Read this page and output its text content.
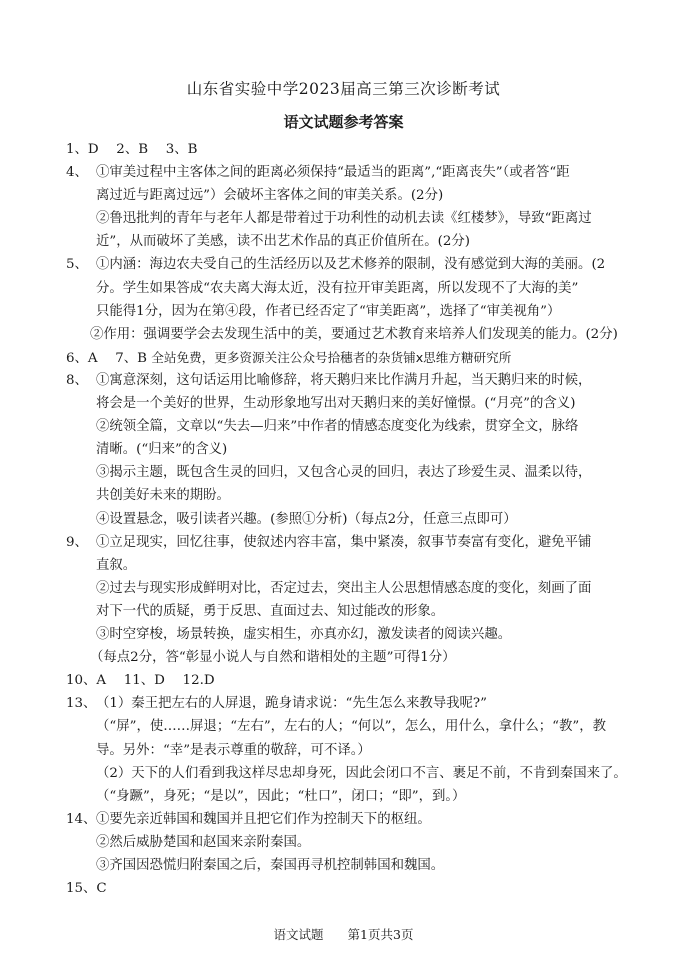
山东省实验中学2023届高三第三次诊断考试
语文试题参考答案
1、D　 2、B　 3、B
4、 ①审美过程中主客体之间的距离必须保持“最适当的距离”,“距离丧失”（或者答“距
离过近与距离过远”）会破坏主客体之间的审美关系。(2分)
②鲁迅批判的青年与老年人都是带着过于功利性的动机去读《红楼梦》，导致“距离过
近”，从而破坏了美感，读不出艺术作品的真正价值所在。(2分)
5、 ①内涵：海边农夫受自己的生活经历以及艺术修养的限制，没有感觉到大海的美丽。(2
分。学生如果答成“农夫离大海太近，没有拉开审美距离，所以发现不了大海的美”
只能得1分，因为在第④段，作者已经否定了“审美距离”，选择了“审美视角”）
②作用：强调要学会去发现生活中的美，要通过艺术教育来培养人们发现美的能力。(2分)
6、A　 7、B 全站免费，更多资源关注公众号拾穗者的杂货铺x思维方糖研究所
8、 ①寓意深刻，这句话运用比喻修辞，将天鹅归来比作满月升起，当天鹅归来的时候，
将会是一个美好的世界，生动形象地写出对天鹅归来的美好憧憬。(“月亮”的含义)
②统领全篇，文章以“失去—归来”中作者的情感态度变化为线索，贯穿全文，脉络
清晰。(“归来”的含义)
③揭示主题，既包含生灵的回归，又包含心灵的回归，表达了珍爱生灵、温柔以待，
共创美好未来的期盼。
④设置悬念，吸引读者兴趣。(参照①分析)（每点2分，任意三点即可）
9、 ①立足现实，回忆往事，使叙述内容丰富，集中紧凑，叙事节奏富有变化，避免平铺
直叙。
②过去与现实形成鲜明对比，否定过去，突出主人公思想情感态度的变化，刻画了面
对下一代的质疑，勇于反思、直面过去、知过能改的形象。
③时空穿梭，场景转换，虚实相生，亦真亦幻，激发读者的阅读兴趣。
（每点2分，答“彰显小说人与自然和谐相处的主题”可得1分）
10、A　 11、D　 12.D
13、 （1）秦王把左右的人屏退，跪身请求说：“先生怎么来教导我呢?”
（“屏”，使……屏退；“左右”，左右的人；“何以”，怎么，用什么，拿什么；“教”，教
导。另外：“幸”是表示尊重的敬辞，可不译。）
（2）天下的人们看到我这样尽忠却身死，因此会闭口不言、裹足不前，不肯到秦国来了。
（“身蹶”，身死；“是以”，因此；“杜口”，闭口；“即”，到。）
14、 ①要先亲近韩国和魏国并且把它们作为控制天下的枢纽。
②然后威胁楚国和赵国来亲附秦国。
③齐国因恐慌归附秦国之后，秦国再寻机控制韩国和魏国。
15、C
语文试题 第1页共3页
